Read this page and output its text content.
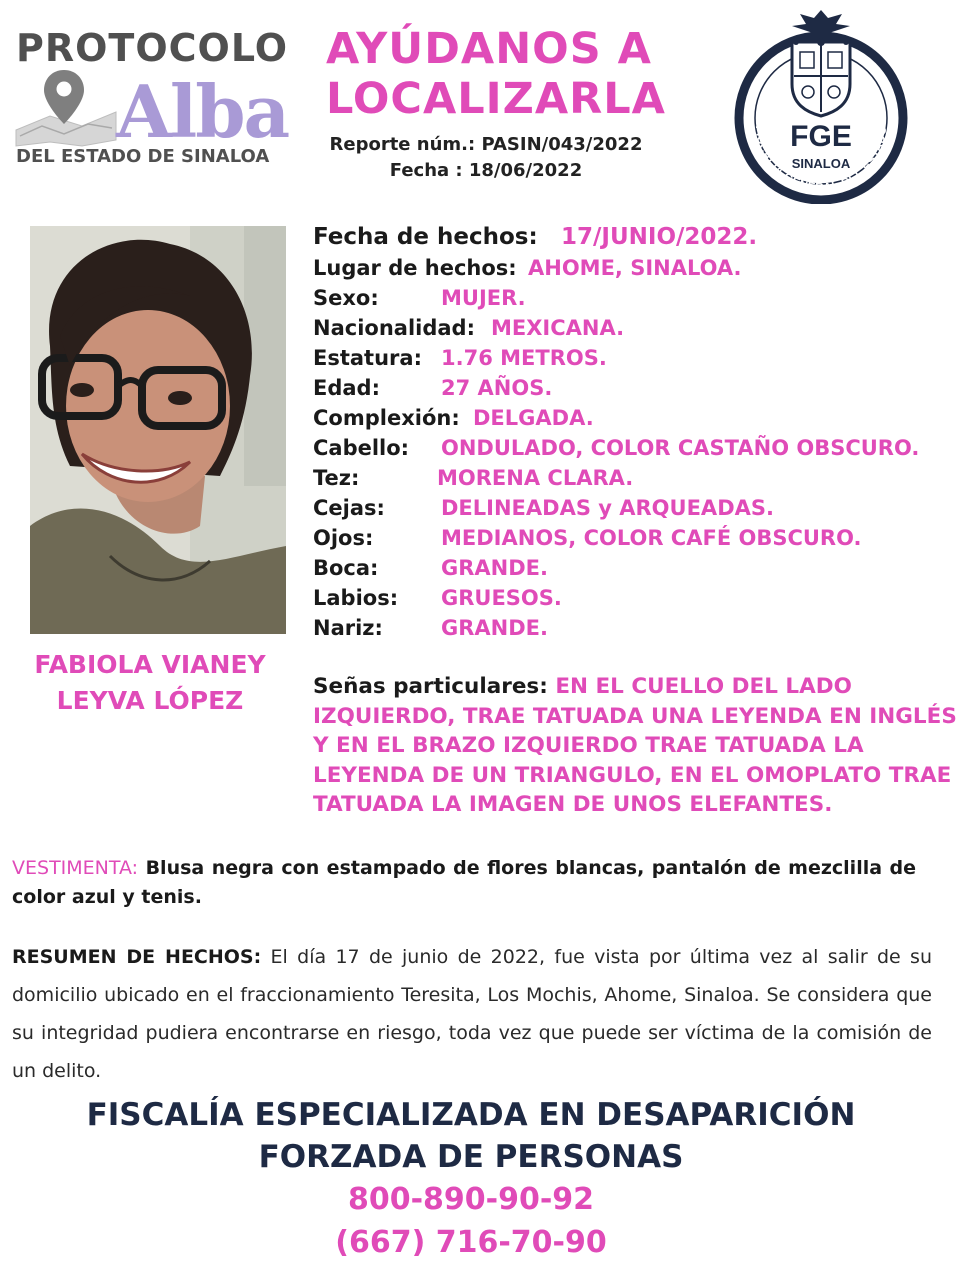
PROTOCOLO
Alba
DEL ESTADO DE SINALOA
AYÚDANOS A
LOCALIZARLA
Reporte núm.: PASIN/043/2022
Fecha : 18/06/2022
FGE
SINALOA
FISCALÍA GENERAL DEL ESTADO
FABIOLA VIANEY
LEYVA LÓPEZ
Fecha de hechos: 17/JUNIO/2022.
Lugar de hechos: AHOME, SINALOA.
Sexo:	MUJER.
Nacionalidad: MEXICANA.
Estatura: 1.76 METROS.
Edad:	27 AÑOS.
Complexión: DELGADA.
Cabello: ONDULADO, COLOR CASTAÑO OBSCURO.
Tez:	MORENA CLARA.
Cejas:	DELINEADAS y ARQUEADAS.
Ojos:	MEDIANOS, COLOR CAFÉ OBSCURO.
Boca:	GRANDE.
Labios: GRUESOS.
Nariz:	GRANDE.
Señas particulares: EN EL CUELLO DEL LADO IZQUIERDO, TRAE TATUADA UNA LEYENDA EN INGLÉS Y EN EL BRAZO IZQUIERDO TRAE TATUADA LA LEYENDA DE UN TRIANGULO, EN EL OMOPLATO TRAE TATUADA LA IMAGEN DE UNOS ELEFANTES.
VESTIMENTA: Blusa negra con estampado de flores blancas, pantalón de mezclilla de color azul y tenis.
RESUMEN DE HECHOS: El día 17 de junio de 2022, fue vista por última vez al salir de su domicilio ubicado en el fraccionamiento Teresita, Los Mochis, Ahome, Sinaloa. Se considera que su integridad pudiera encontrarse en riesgo, toda vez que puede ser víctima de la comisión de un delito.
FISCALÍA ESPECIALIZADA EN DESAPARICIÓN
FORZADA DE PERSONAS
800-890-90-92
(667) 716-70-90
